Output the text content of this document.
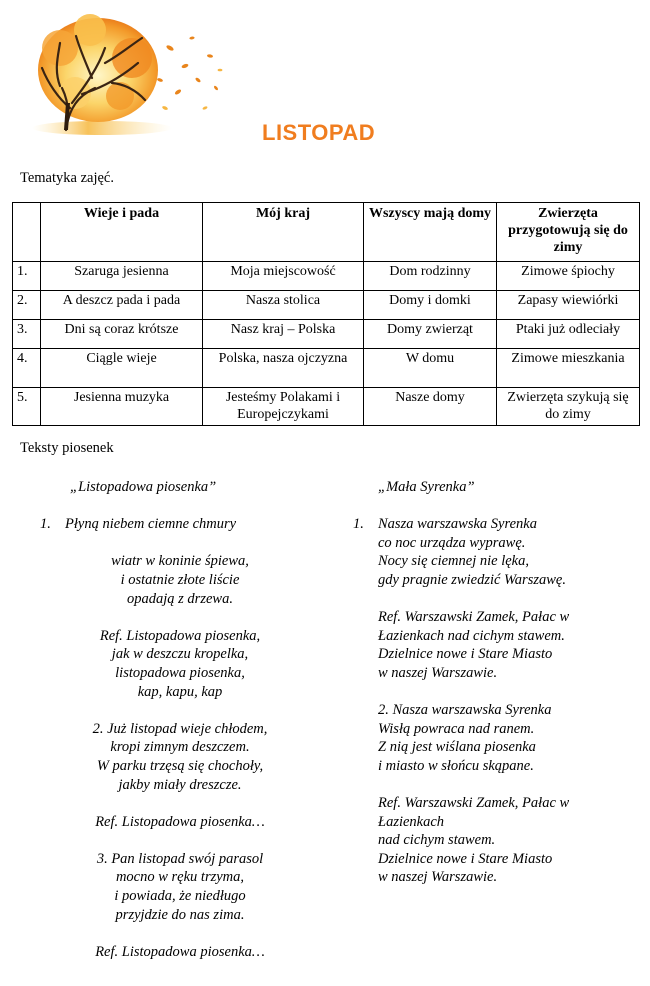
LISTOPAD
Tematyka zajęć.
	Wieje i pada	Mój kraj	Wszyscy mają domy	Zwierzęta przygotowują się do zimy
1.	Szaruga jesienna	Moja miejscowość	Dom rodzinny	Zimowe śpiochy
2.	A deszcz pada i pada	Nasza stolica	Domy i domki	Zapasy wiewiórki
3.	Dni są coraz krótsze	Nasz kraj – Polska	Domy zwierząt	Ptaki już odleciały
4.	Ciągle wieje	Polska, nasza ojczyzna	W domu	Zimowe mieszkania
5.	Jesienna muzyka	Jesteśmy Polakami i Europejczykami	Nasze domy	Zwierzęta szykują się do zimy
Teksty piosenek
„Listopadowa piosenka”
1. Płyną niebem ciemne chmury
wiatr w koninie śpiewa,
i ostatnie złote liście
opadają z drzewa.
Ref. Listopadowa piosenka,
jak w deszczu kropelka,
listopadowa piosenka,
kap, kapu, kap
2. Już listopad wieje chłodem,
kropi zimnym deszczem.
W parku trzęsą się chochoły,
jakby miały dreszcze.
Ref. Listopadowa piosenka…
3. Pan listopad swój parasol
mocno w ręku trzyma,
i powiada, że niedługo
przyjdzie do nas zima.
Ref. Listopadowa piosenka…
„Mała Syrenka”
1. Nasza warszawska Syrenka
co noc urządza wyprawę.
Nocy się ciemnej nie lęka,
gdy pragnie zwiedzić Warszawę.
Ref. Warszawski Zamek, Pałac w
Łazienkach nad cichym stawem.
Dzielnice nowe i Stare Miasto
w naszej Warszawie.
2. Nasza warszawska Syrenka
Wisłą powraca nad ranem.
Z nią jest wiślana piosenka
i miasto w słońcu skąpane.
Ref. Warszawski Zamek, Pałac w
Łazienkach
nad cichym stawem.
Dzielnice nowe i Stare Miasto
w naszej Warszawie.
